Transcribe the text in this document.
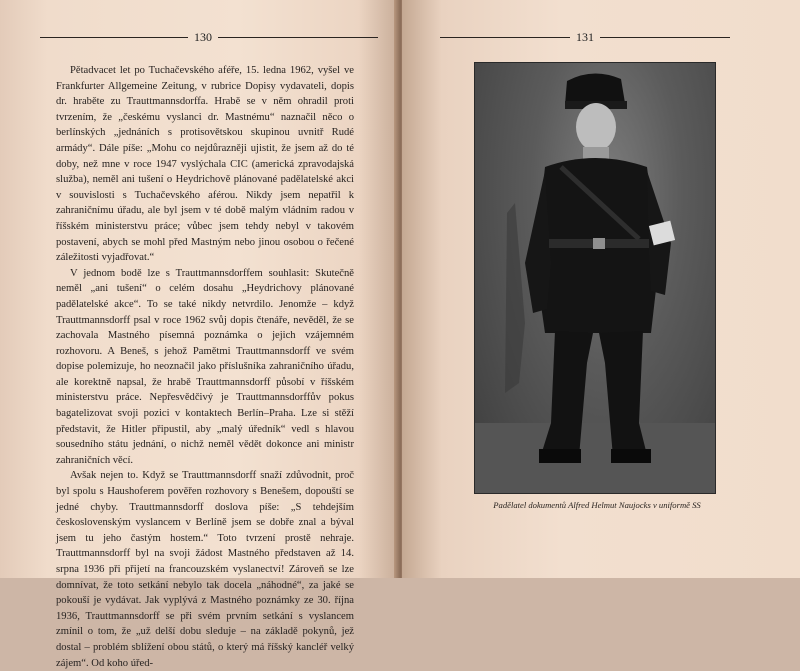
130

Pětadvacet let po Tuchačevského aféře, 15. ledna 1962, vyšel ve Frankfurter Allgemeine Zeitung, v rubrice Dopisy vydavateli, dopis dr. hraběte zu Trauttmannsdorffa. Hrabě se v něm ohradil proti tvrzením, že „českému vyslanci dr. Mastnému“ naznačil něco o berlínských „jednáních s protisovětskou skupinou uvnitř Rudé armády“. Dále píše: „Mohu co nejdůrazněji ujistit, že jsem až do té doby, než mne v roce 1947 vyslýchala CIC (americká zpravodajská služba), neměl ani tušení o Heydrichově plánované padělatelské akci v souvislosti s Tuchačevského aférou. Nikdy jsem nepatřil k zahraničnímu úřadu, ale byl jsem v té době malým vládním radou v říšském ministerstvu práce; vůbec jsem tehdy nebyl v takovém postavení, abych se mohl před Mastným nebo jinou osobou o řečené záležitosti vyjadřovat.“

V jednom bodě lze s Trauttmannsdorffem souhlasit: Skutečně neměl „ani tušení“ o celém dosahu „Heydrichovy plánované padělatelské akce“. To se také nikdy netvrdilo. Jenomže – když Trauttmannsdorff psal v roce 1962 svůj dopis čtenáře, nevěděl, že se zachovala Mastného písemná poznámka o jejich vzájemném rozhovoru. A Beneš, s jehož Pamětmi Trauttmannsdorff ve svém dopise polemizuje, ho neoznačil jako příslušníka zahraničního úřadu, ale korektně napsal, že hrabě Trauttmannsdorff působí v říšském ministerstvu práce. Nepřesvědčivý je Trauttmannsdorffův pokus bagatelizovat svoji pozici v kontaktech Berlín–Praha. Lze si stěží představit, že Hitler připustil, aby „malý úředník“ vedl s hlavou sousedního státu jednání, o nichž neměl vědět dokonce ani ministr zahraničních věcí.

Avšak nejen to. Když se Trauttmannsdorff snaží zdůvodnit, proč byl spolu s Haushoferem pověřen rozhovory s Benešem, dopouští se jedné chyby. Trauttmannsdorff doslova píše: „S tehdejším československým vyslancem v Berlíně jsem se dobře znal a býval jsem tu jeho častým hostem.“ Toto tvrzení prostě nehraje. Trauttmannsdorff byl na svoji žádost Mastného představen až 14. srpna 1936 při přijetí na francouzském vyslanectví! Zároveň se lze domnívat, že toto setkání nebylo tak docela „náhodné“, za jaké se pokouší je vydávat. Jak vyplývá z Mastného poznámky ze 30. října 1936, Trauttmannsdorff se při svém prvním setkání s vyslancem zmínil o tom, že „už delší dobu sleduje – na základě pokynů, jež dostal – problém sblížení obou států, o který má říšský kancléř velký zájem“. Od koho úřed-

131
Padělatel dokumentů Alfred Helmut Naujocks v uniformě SS
